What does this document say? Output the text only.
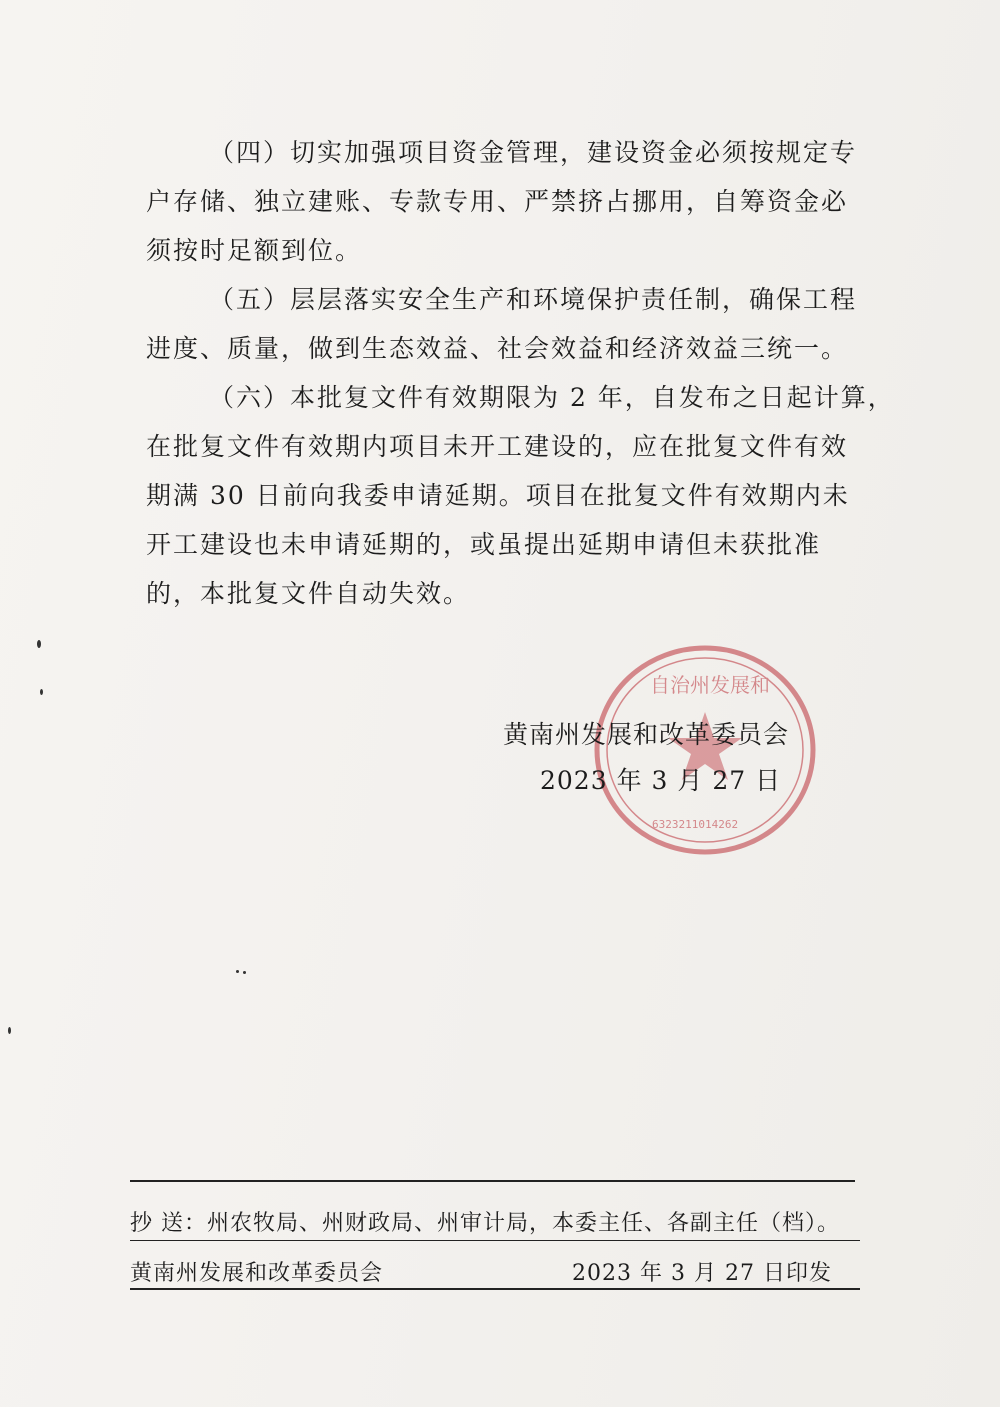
（四）切实加强项目资金管理，建设资金必须按规定专
户存储、独立建账、专款专用、严禁挤占挪用，自筹资金必
须按时足额到位。
（五）层层落实安全生产和环境保护责任制，确保工程
进度、质量，做到生态效益、社会效益和经济效益三统一。
（六）本批复文件有效期限为 2 年，自发布之日起计算，
在批复文件有效期内项目未开工建设的，应在批复文件有效
期满 30 日前向我委申请延期。项目在批复文件有效期内未
开工建设也未申请延期的，或虽提出延期申请但未获批准
的，本批复文件自动失效。
自治州发展和
6323211014262
黄南州发展和改革委员会
2023 年 3 月 27 日
抄 送：州农牧局、州财政局、州审计局，本委主任、各副主任（档）。
黄南州发展和改革委员会	2023 年 3 月 27 日印发
